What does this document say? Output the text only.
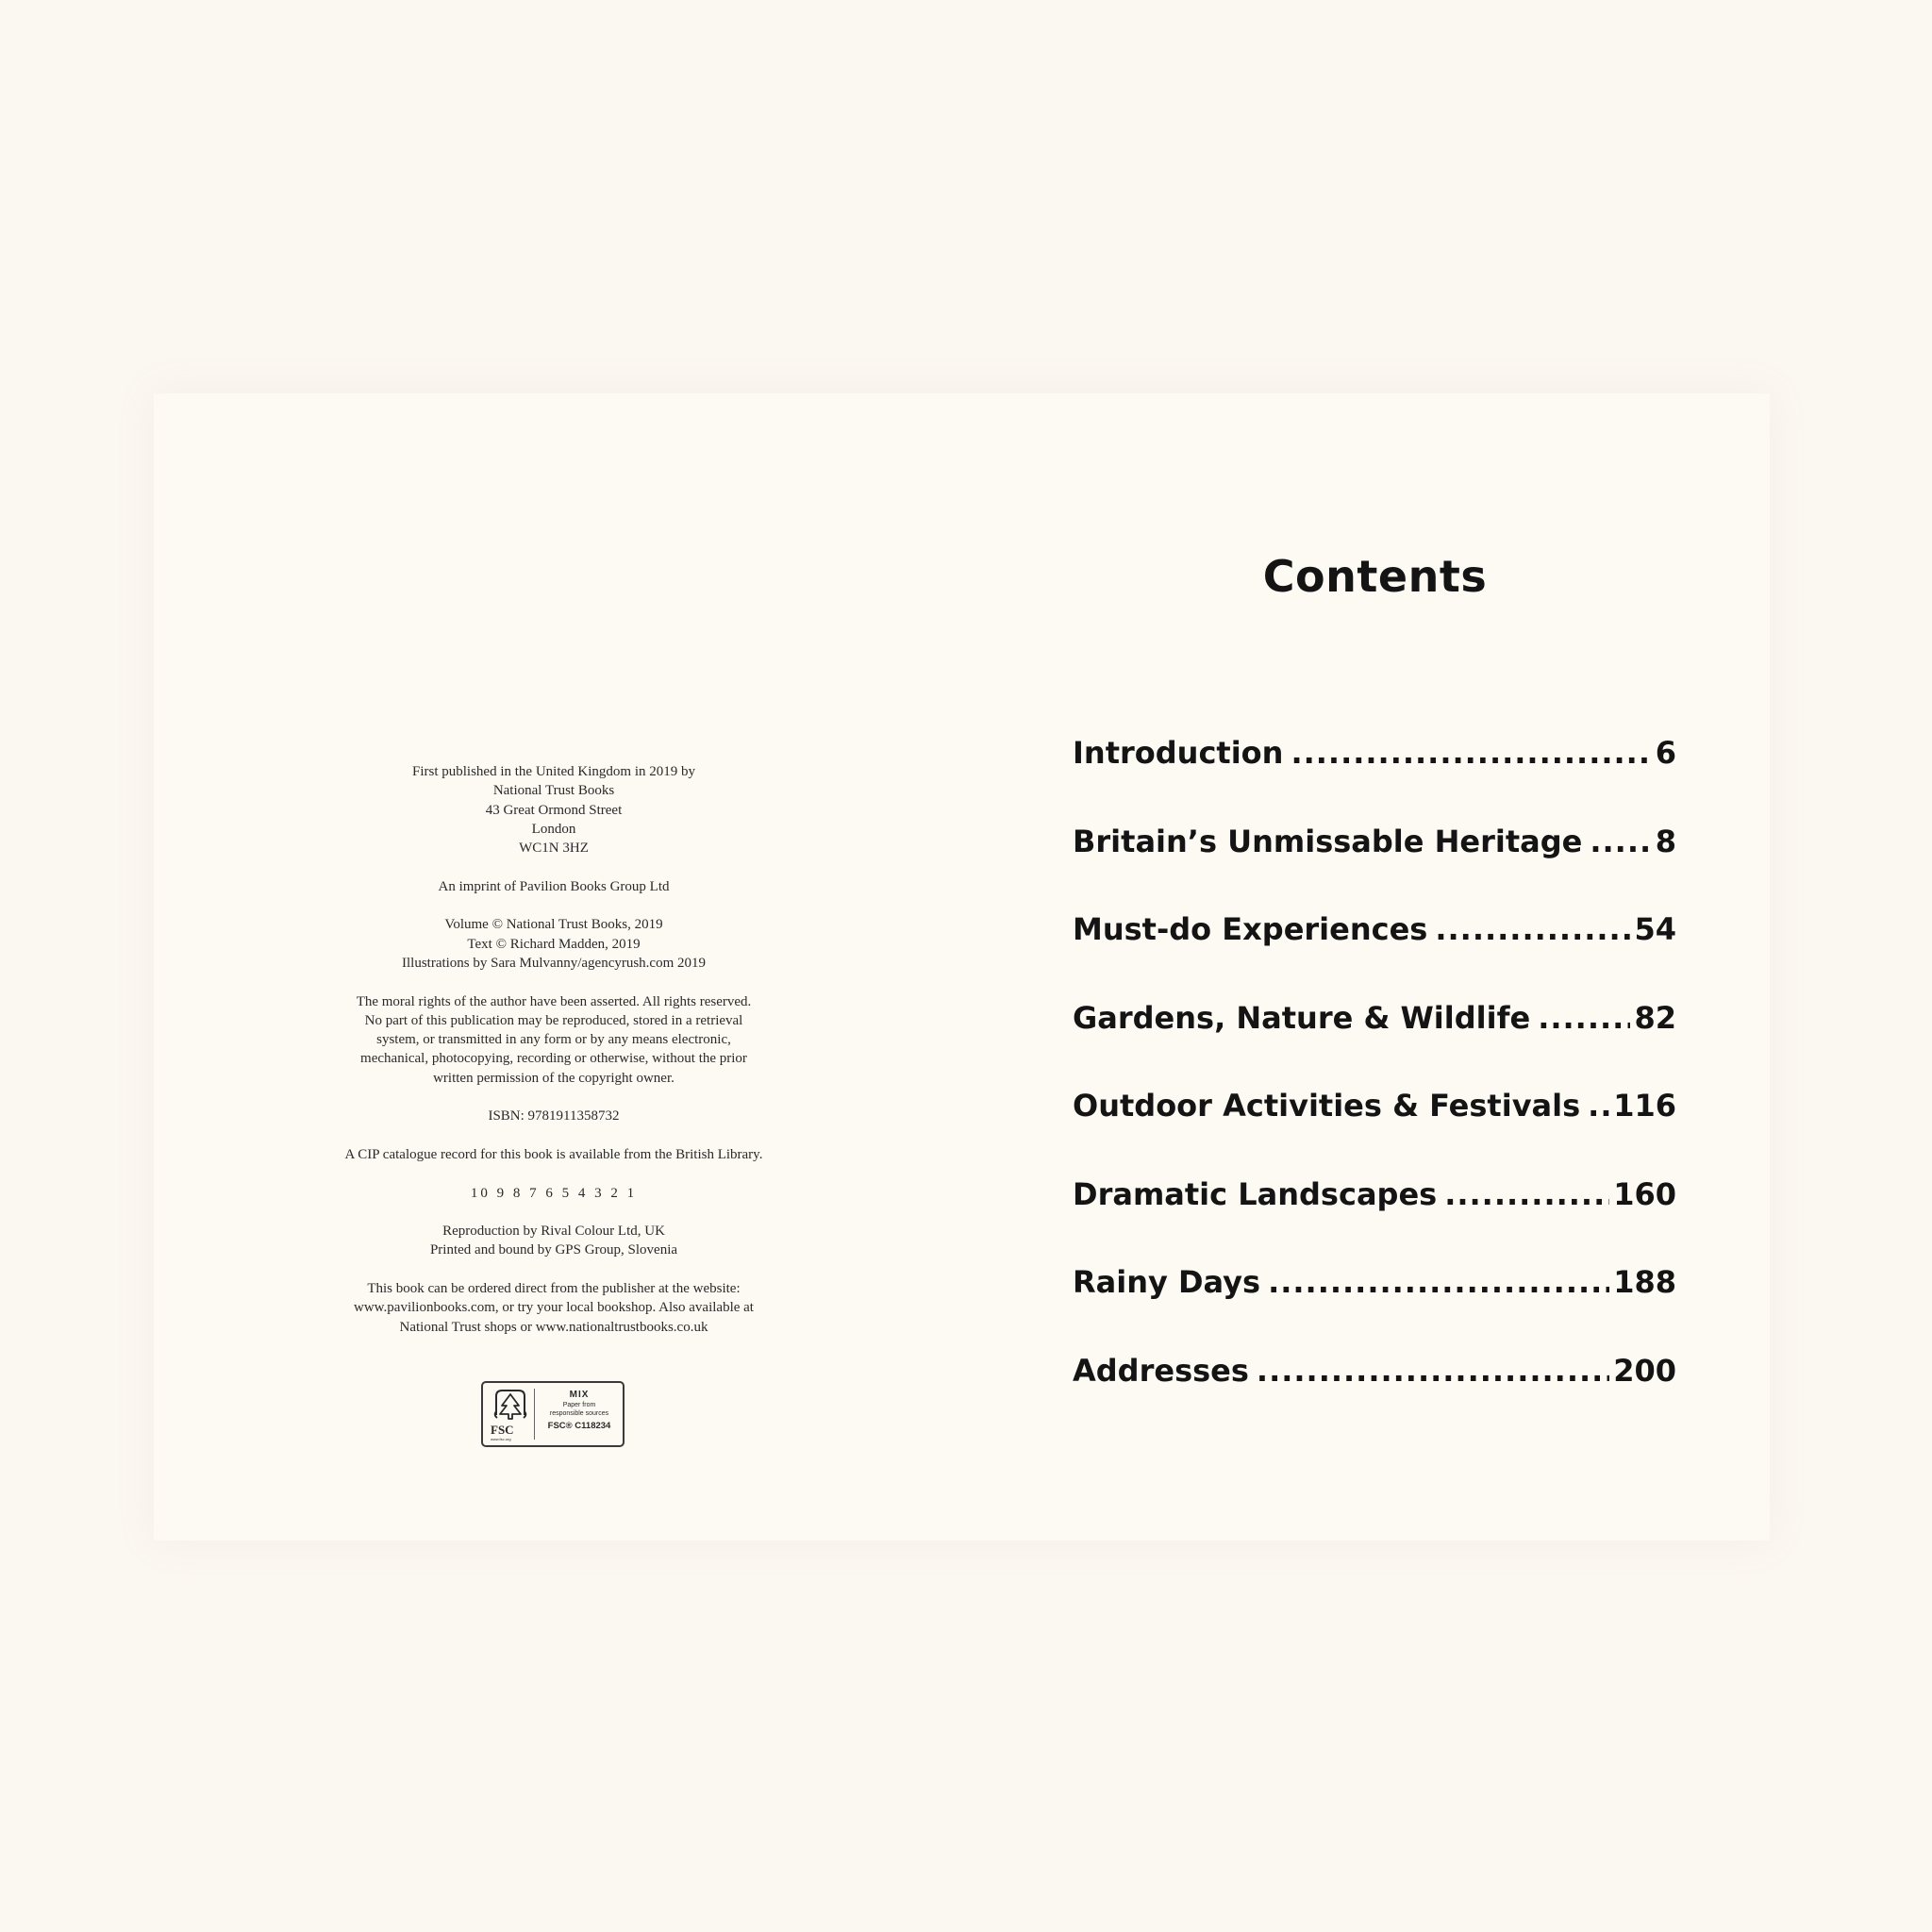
First published in the United Kingdom in 2019 by
National Trust Books
43 Great Ormond Street
London
WC1N 3HZ
An imprint of Pavilion Books Group Ltd
Volume © National Trust Books, 2019
Text © Richard Madden, 2019
Illustrations by Sara Mulvanny/agencyrush.com 2019
The moral rights of the author have been asserted. All rights reserved.
No part of this publication may be reproduced, stored in a retrieval
system, or transmitted in any form or by any means electronic,
mechanical, photocopying, recording or otherwise, without the prior
written permission of the copyright owner.
ISBN: 9781911358732
A CIP catalogue record for this book is available from the British Library.
10 9 8 7 6 5 4 3 2 1
Reproduction by Rival Colour Ltd, UK
Printed and bound by GPS Group, Slovenia
This book can be ordered direct from the publisher at the website:
www.pavilionbooks.com, or try your local bookshop. Also available at
National Trust shops or www.nationaltrustbooks.co.uk
FSC
www.fsc.org
MIX
Paper from
responsible sources
FSC® C118234
Contents
Introduction .....	6
Britain’s Unmissable Heritage ..... 8
Must-do Experiences .....	54
Gardens, Nature & Wildlife .....	82
Outdoor Activities & Festivals ..... 116
Dramatic Landscapes .....	160
Rainy Days .....	188
Addresses .....	200
